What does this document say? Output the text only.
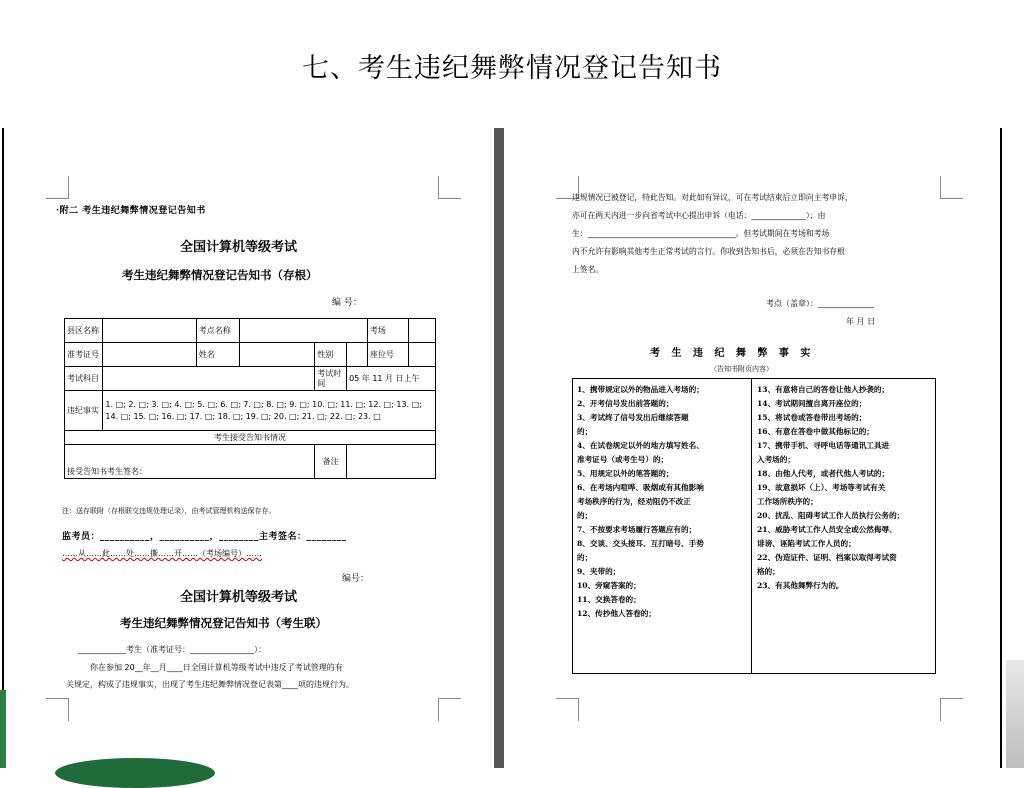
七、考生违纪舞弊情况登记告知书
·附二 考生违纪舞弊情况登记告知书
全国计算机等级考试
考生违纪舞弊情况登记告知书（存根）
编 号：
县区名称		考点名称				考场	
准考证号		姓名		性别		座位号	
考试科目				考试时间	05 年 11 月 日上午		
违纪事实	1. □; 2. □; 3. □; 4. □; 5. □; 6. □; 7. □; 8. □; 9. □; 10. □; 11. □; 12. □; 13. □; 14. □; 15. □; 16. □; 17. □; 18. □; 19. □; 20. □; 21. □; 22. □; 23. □						
考生接受告知书情况							
接受告知书考生签名：				备注			
注：送存联附（存根联交违规处理记录），由考试管理机构送保存存。
监考员：__________，__________，________主考签名：________
……从……此……处……撕……开……（考场编号）……
编号：
全国计算机等级考试
考生违纪舞弊情况登记告知书（考生联）
____________考生（准考证号：________________）：
你在参加 20__年__月____日全国计算机等级考试中违反了考试管理的有
关规定，构成了违规事实，出现了考生违纪舞弊情况登记表第____项的违规行为。
违规情况已被登记，特此告知。对此如有异议，可在考试结束后立即向主考申诉，
亦可在两天内进一步向省考试中心提出申诉（电话：______________）；由
生：______________________________________。但考试期间在考场和考场
内不允许有影响其他考生正常考试的言行。你收到告知书后，必须在告知书存根
上签名。
考点（盖章）：______________
年 月 日
考 生 违 纪 舞 弊 事 实
（告知书附页内容）
1、携带规定以外的物品进入考场的；
2、开考信号发出前答题的；
3、考试终了信号发出后继续答题
的；
4、在试卷规定以外的地方填写姓名、
准考证号（或考生号）的；
5、用规定以外的笔答题的；
6、在考场内喧哗、吸烟或有其他影响
考场秩序的行为，经劝阻仍不改正
的；
7、不按要求考场履行答题应有的；
8、交谈、交头接耳、互打暗号、手势
的；
9、夹带的；
10、旁窥答案的；
11、交换答卷的；
12、传抄他人答卷的；
13、有意将自己的答卷让他人抄袭的；
14、考试期间擅自离开座位的；
15、将试卷或答卷带出考场的；
16、有意在答卷中做其他标记的；
17、携带手机、寻呼电话等通讯工具进
入考场的；
18、由他人代考，或者代他人考试的；
19、故意损坏（上）、考场等考试有关
工作场所秩序的；
20、扰乱、阻碍考试工作人员执行公务的；
21、威胁考试工作人员安全或公然侮辱、
诽谤、诬陷考试工作人员的；
22、伪造证件、证明、档案以取得考试资
格的；
23、有其他舞弊行为的。
